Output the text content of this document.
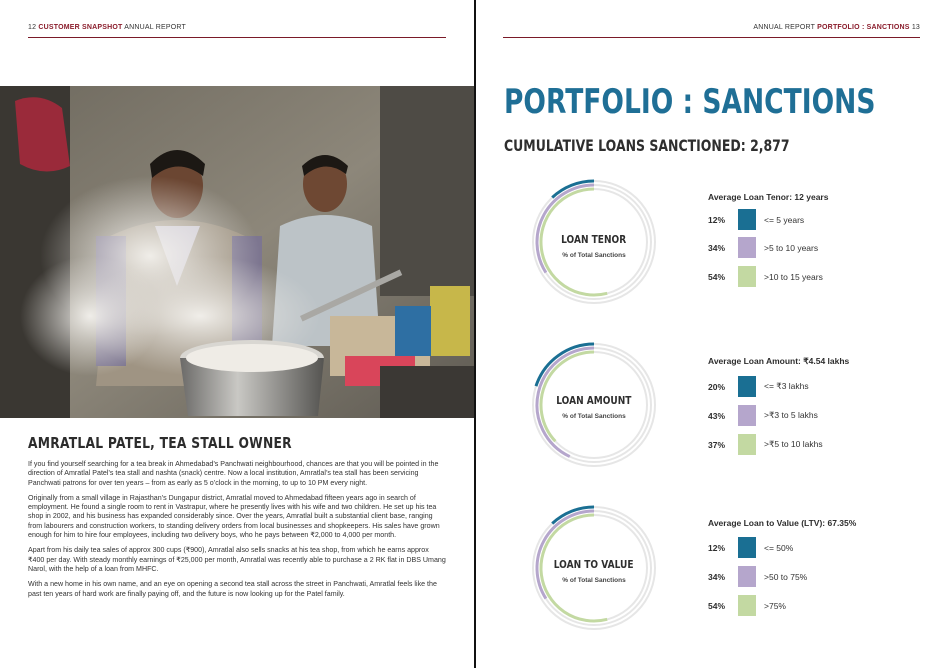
12 CUSTOMER SNAPSHOT ANNUAL REPORT
AMRATLAL PATEL, TEA STALL OWNER

If you find yourself searching for a tea break in Ahmedabad’s Panchwati neighbourhood, chances are that you will be pointed in the direction of Amratlal Patel’s tea stall and nashta (snack) centre. Now a local institution, Amratlal’s tea stall has been servicing Panchwati patrons for over ten years – from as early as 5 o’clock in the morning, to up to 10 PM every night.

Originally from a small village in Rajasthan’s Dungapur district, Amratlal moved to Ahmedabad fifteen years ago in search of employment. He found a single room to rent in Vastrapur, where he presently lives with his wife and two children. He set up his tea shop in 2002, and his business has expanded considerably since. Over the years, Amratlal built a substantial client base, ranging from labourers and construction workers, to standing delivery orders from local businesses and shopkeepers. His sales have grown enough for him to hire four employees, including two delivery boys, who he pays between ₹2,000 to 4,000 per month.

Apart from his daily tea sales of approx 300 cups (₹900), Amratlal also sells snacks at his tea shop, from which he earns approx ₹400 per day. With steady monthly earnings of ₹25,000 per month, Amratlal was recently able to purchase a 2 RK flat in DBS Umang Narol, with the help of a loan from MHFC.

With a new home in his own name, and an eye on opening a second tea stall across the street in Panchwati, Amratlal feels like the past ten years of hard work are finally paying off, and the future is now looking up for the Patel family.

ANNUAL REPORT PORTFOLIO : SANCTIONS 13
PORTFOLIO : SANCTIONS
CUMULATIVE LOANS SANCTIONED: 2,877
LOAN TENOR
% of Total Sanctions
Average Loan Tenor: 12 years
12%	<= 5 years
34%	>5 to 10 years
54%	>10 to 15 years
LOAN AMOUNT
% of Total Sanctions
Average Loan Amount: ₹4.54 lakhs
20%	<= ₹3 lakhs
43%	>₹3 to 5 lakhs
37%	>₹5 to 10 lakhs
LOAN TO VALUE
% of Total Sanctions
Average Loan to Value (LTV): 67.35%
12%	<= 50%
34%	>50 to 75%
54%	>75%
